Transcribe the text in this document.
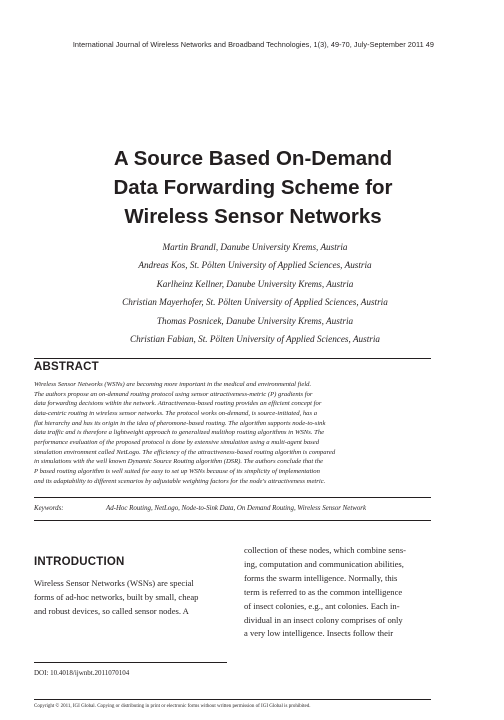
International Journal of Wireless Networks and Broadband Technologies, 1(3), 49-70, July-September 2011 49
A Source Based On-Demand
Data Forwarding Scheme for
Wireless Sensor Networks
Martin Brandl, Danube University Krems, Austria
Andreas Kos, St. Pölten University of Applied Sciences, Austria
Karlheinz Kellner, Danube University Krems, Austria
Christian Mayerhofer, St. Pölten University of Applied Sciences, Austria
Thomas Posnicek, Danube University Krems, Austria
Christian Fabian, St. Pölten University of Applied Sciences, Austria
ABSTRACT
Wireless Sensor Networks (WSNs) are becoming more important in the medical and environmental field.
The authors propose an on-demand routing protocol using sensor attractiveness-metric (P) gradients for
data forwarding decisions within the network. Attractiveness-based routing provides an efficient concept for
data-centric routing in wireless sensor networks. The protocol works on-demand, is source-initiated, has a
flat hierarchy and has its origin in the idea of pheromone-based routing. The algorithm supports node-to-sink
data traffic and is therefore a lightweight approach to generalized multihop routing algorithms in WSNs. The
performance evaluation of the proposed protocol is done by extensive simulation using a multi-agent based
simulation environment called NetLogo. The efficiency of the attractiveness-based routing algorithm is compared
in simulations with the well known Dynamic Source Routing algorithm (DSR). The authors conclude that the
P based routing algorithm is well suited for easy to set up WSNs because of its simplicity of implementation
and its adaptability to different scenarios by adjustable weighting factors for the node's attractiveness metric.
Keywords:	Ad-Hoc Routing, NetLogo, Node-to-Sink Data, On Demand Routing, Wireless Sensor Network
INTRODUCTION
Wireless Sensor Networks (WSNs) are special
forms of ad-hoc networks, built by small, cheap
and robust devices, so called sensor nodes. A
collection of these nodes, which combine sens-
ing, computation and communication abilities,
forms the swarm intelligence. Normally, this
term is referred to as the common intelligence
of insect colonies, e.g., ant colonies. Each in-
dividual in an insect colony comprises of only
a very low intelligence. Insects follow their
DOI: 10.4018/ijwnbt.2011070104
Copyright © 2011, IGI Global. Copying or distributing in print or electronic forms without written permission of IGI Global is prohibited.
